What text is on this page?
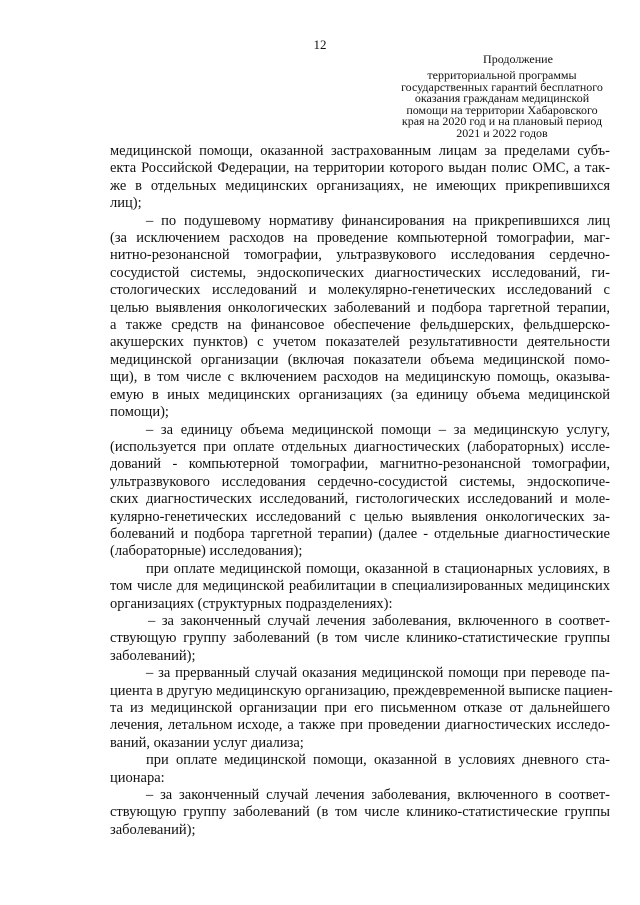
12
Продолжение
территориальной программы
государственных гарантий бесплатного
оказания гражданам медицинской
помощи на территории Хабаровского
края на 2020 год и на плановый период
2021 и 2022 годов
медицинской помощи, оказанной застрахованным лицам за пределами субъ-
екта Российской Федерации, на территории которого выдан полис ОМС, а так-
же в отдельных медицинских организациях, не имеющих прикрепившихся
лиц);
– по подушевому нормативу финансирования на прикрепившихся лиц
(за исключением расходов на проведение компьютерной томографии, маг-
нитно-резонансной томографии, ультразвукового исследования сердечно-
сосудистой системы, эндоскопических диагностических исследований, ги-
стологических исследований и молекулярно-генетических исследований с
целью выявления онкологических заболеваний и подбора таргетной терапии,
а также средств на финансовое обеспечение фельдшерских, фельдшерско-
акушерских пунктов) с учетом показателей результативности деятельности
медицинской организации (включая показатели объема медицинской помо-
щи), в том числе с включением расходов на медицинскую помощь, оказыва-
емую в иных медицинских организациях (за единицу объема медицинской
помощи);
– за единицу объема медицинской помощи – за медицинскую услугу,
(используется при оплате отдельных диагностических (лабораторных) иссле-
дований - компьютерной томографии, магнитно-резонансной томографии,
ультразвукового исследования сердечно-сосудистой системы, эндоскопиче-
ских диагностических исследований, гистологических исследований и моле-
кулярно-генетических исследований с целью выявления онкологических за-
болеваний и подбора таргетной терапии) (далее - отдельные диагностические
(лабораторные) исследования);
при оплате медицинской помощи, оказанной в стационарных условиях, в
том числе для медицинской реабилитации в специализированных медицинских
организациях (структурных подразделениях):
– за законченный случай лечения заболевания, включенного в соответ-
ствующую группу заболеваний (в том числе клинико-статистические группы
заболеваний);
– за прерванный случай оказания медицинской помощи при переводе па-
циента в другую медицинскую организацию, преждевременной выписке пациен-
та из медицинской организации при его письменном отказе от дальнейшего
лечения, летальном исходе, а также при проведении диагностических исследо-
ваний, оказании услуг диализа;
при оплате медицинской помощи, оказанной в условиях дневного ста-
ционара:
– за законченный случай лечения заболевания, включенного в соответ-
ствующую группу заболеваний (в том числе клинико-статистические группы
заболеваний);
